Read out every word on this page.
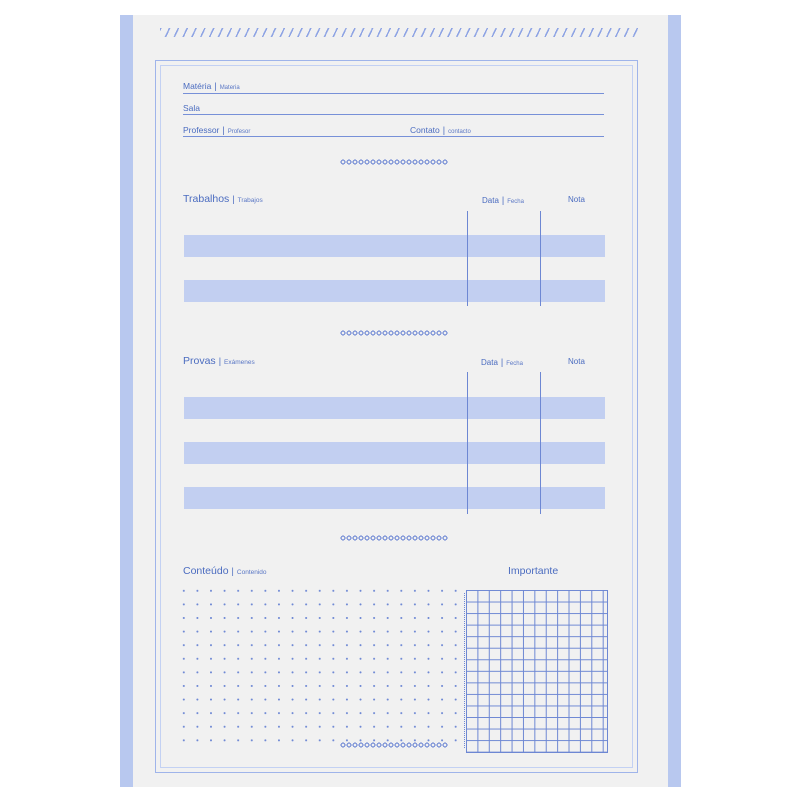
Matéria | Materia
Sala
Professor | Profesor	Contato | contacto
Trabalhos | Trabajos	Data | Fecha	Nota
Provas | Exámenes	Data | Fecha	Nota
Conteúdo | Contenido	Importante
